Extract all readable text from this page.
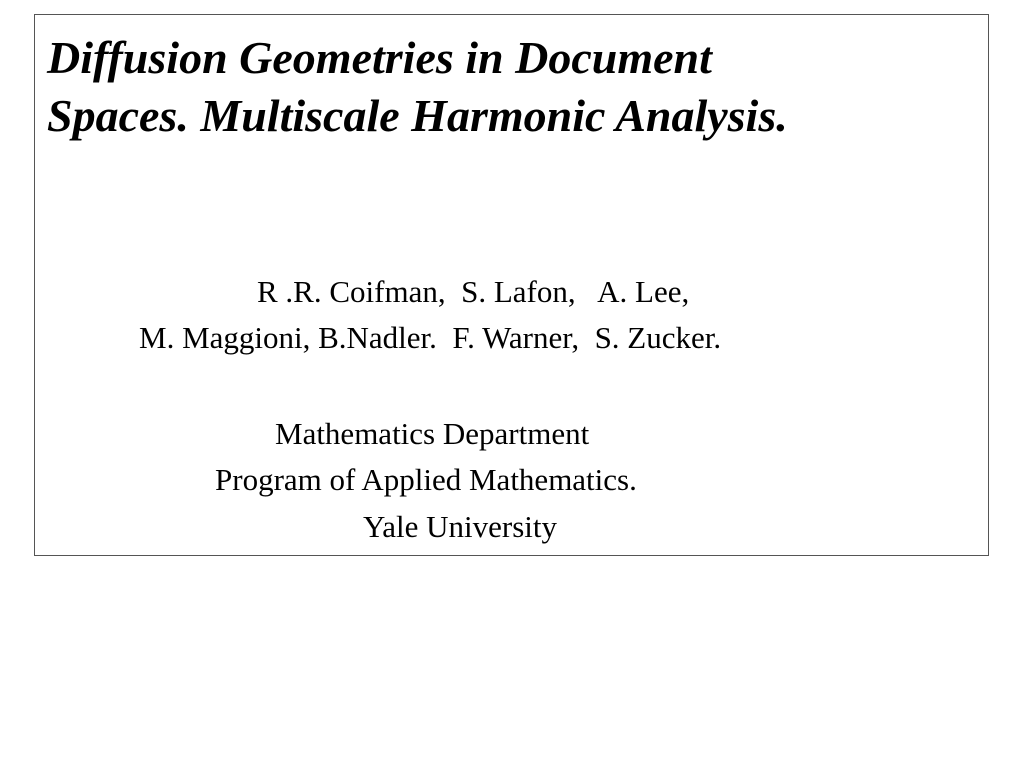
Diffusion Geometries in Document
Spaces. Multiscale Harmonic Analysis.

R .R. Coifman,  S. Lafon,   A. Lee,

M. Maggioni, B.Nadler.  F. Warner,  S. Zucker.

Mathematics Department

Program of Applied Mathematics.

Yale University
